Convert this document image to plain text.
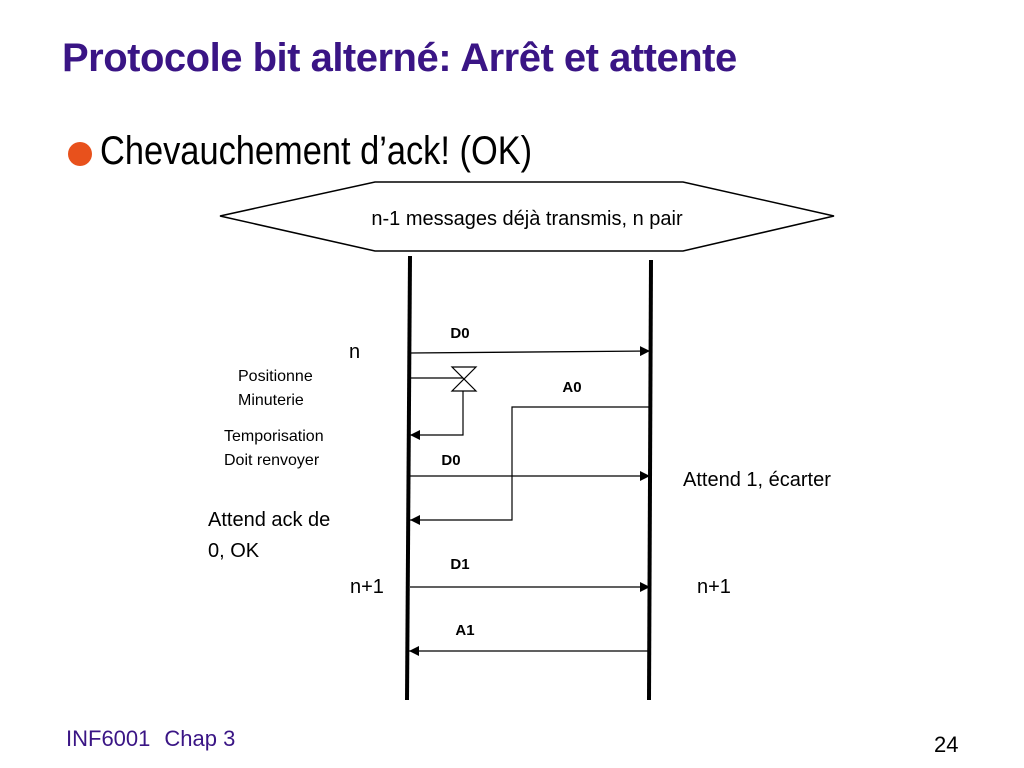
Protocole bit alterné: Arrêt et attente
Chevauchement d’ack! (OK)
n-1 messages déjà transmis, n pair
D0
A0
D0
D1
A1
n
Positionne
Minuterie
Temporisation
Doit renvoyer
Attend ack de
0, OK
n+1
Attend 1, écarter
n+1
INF6001 Chap 3	24
